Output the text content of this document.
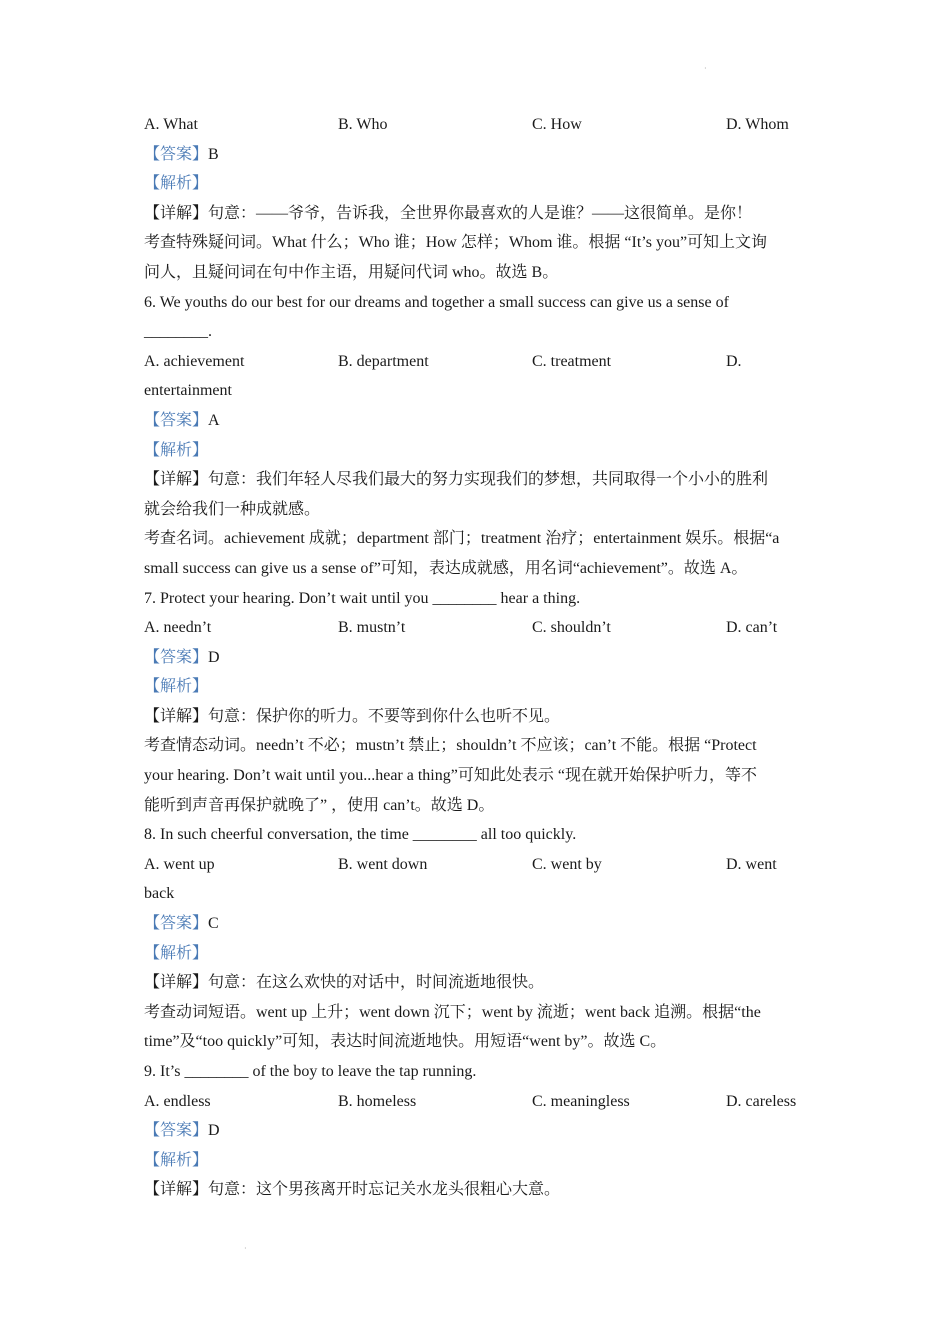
·
·
A. What	B. Who	C. How	D. Whom
【答案】B
【解析】
【详解】句意：——爷爷，告诉我，全世界你最喜欢的人是谁？——这很简单。是你！
考查特殊疑问词。What 什么；Who 谁；How 怎样；Whom 谁。根据 “It’s you”可知上文询
问人，且疑问词在句中作主语，用疑问代词 who。故选 B。
6. We youths do our best for our dreams and together a small success can give us a sense of
________.
A. achievement	B. department	C. treatment	D.
entertainment
【答案】A
【解析】
【详解】句意：我们年轻人尽我们最大的努力实现我们的梦想，共同取得一个小小的胜利
就会给我们一种成就感。
考查名词。achievement 成就；department 部门；treatment 治疗；entertainment 娱乐。根据“a
small success can give us a sense of”可知，表达成就感，用名词“achievement”。故选 A。
7. Protect your hearing. Don’t wait until you ________ hear a thing.
A. needn’t	B. mustn’t	C. shouldn’t	D. can’t
【答案】D
【解析】
【详解】句意：保护你的听力。不要等到你什么也听不见。
考查情态动词。needn’t 不必；mustn’t 禁止；shouldn’t 不应该；can’t 不能。根据 “Protect
your hearing. Don’t wait until you...hear a thing”可知此处表示 “现在就开始保护听力，等不
能听到声音再保护就晚了” ，使用 can’t。故选 D。
8. In such cheerful conversation, the time ________ all too quickly.
A. went up	B. went down	C. went by	D. went
back
【答案】C
【解析】
【详解】句意：在这么欢快的对话中，时间流逝地很快。
考查动词短语。went up 上升；went down 沉下；went by 流逝；went back 追溯。根据“the
time”及“too quickly”可知，表达时间流逝地快。用短语“went by”。故选 C。
9. It’s ________ of the boy to leave the tap running.
A. endless	B. homeless	C. meaningless	D. careless
【答案】D
【解析】
【详解】句意：这个男孩离开时忘记关水龙头很粗心大意。
